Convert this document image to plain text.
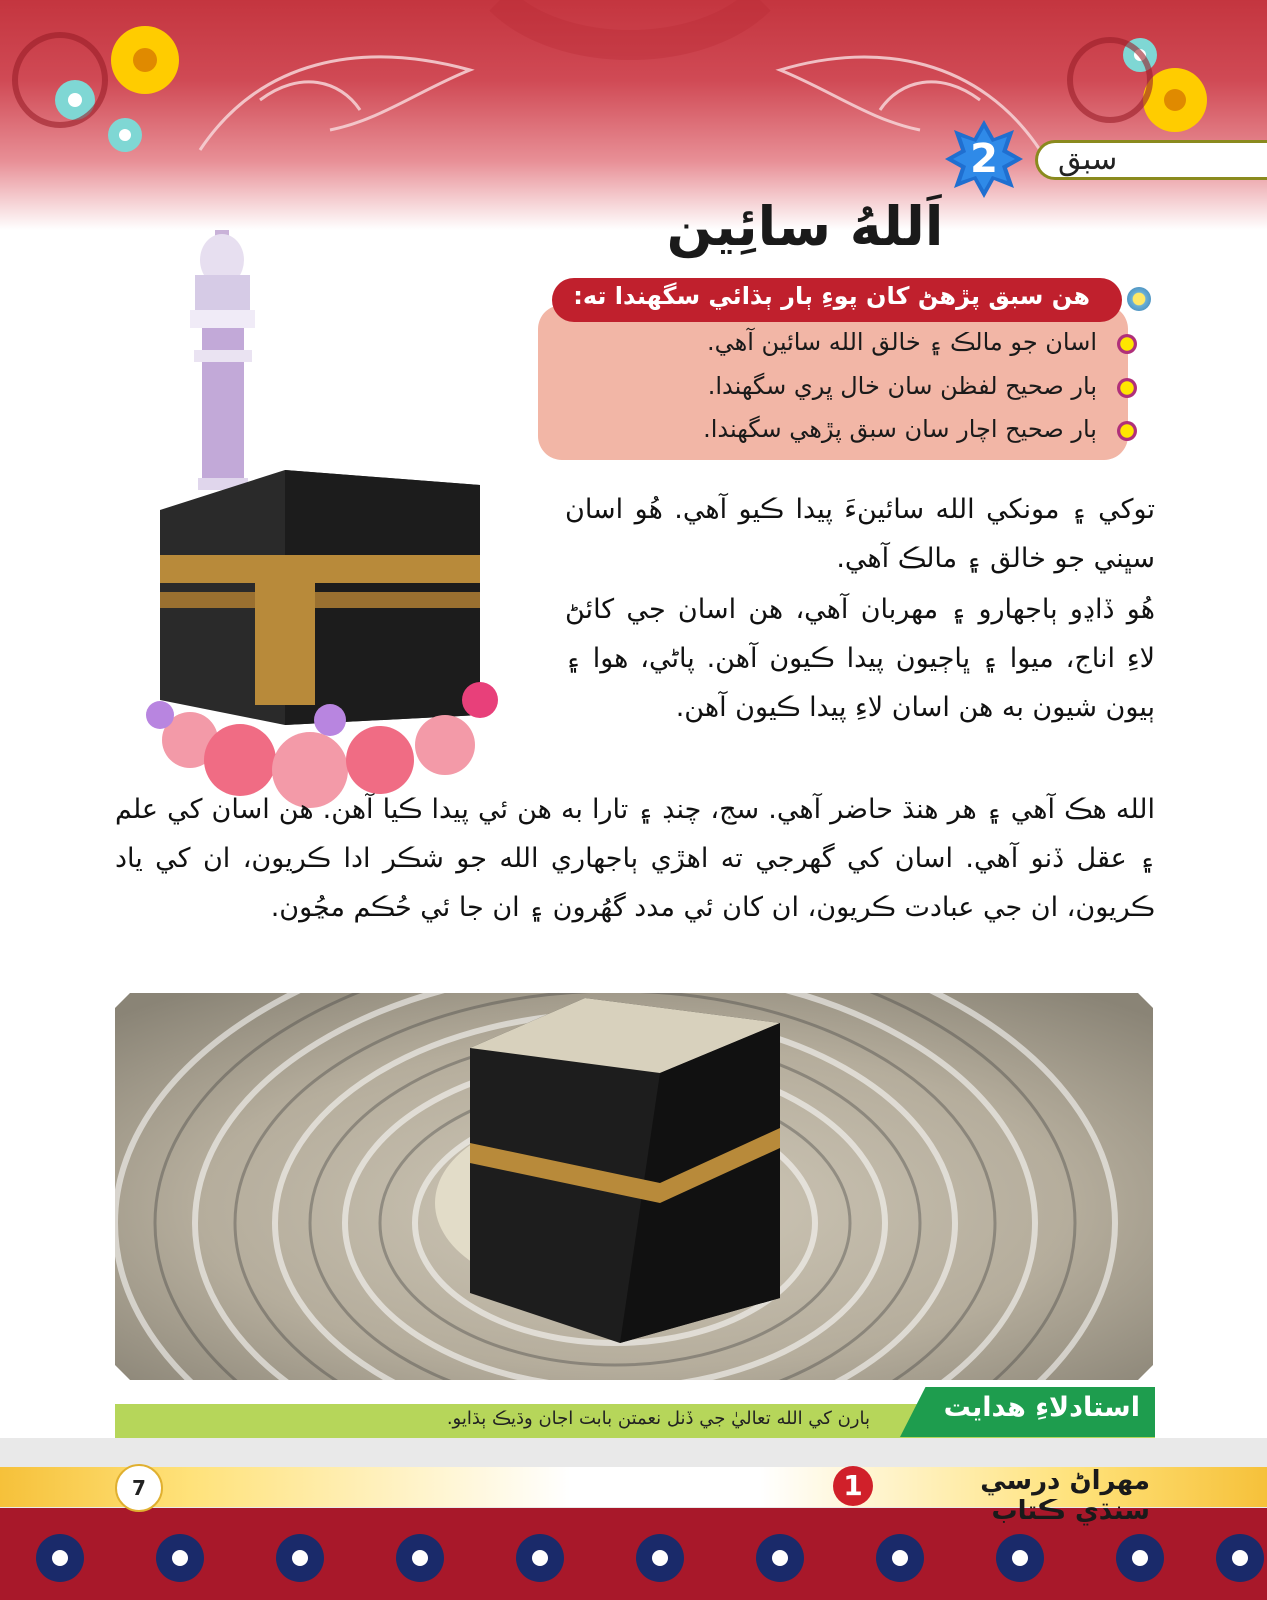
سبق
2
اَللهُ سائِين
هن سبق پڙهڻ کان پوءِ ٻار ٻڌائي سگهندا ته:
اسان جو مالڪ ۽ خالق الله سائين آهي.
ٻار صحيح لفظن سان خال ڀري سگهندا.
ٻار صحيح اچار سان سبق پڙهي سگهندا.
توکي ۽ مونکي الله سائينءَ پيدا ڪيو آهي. هُو اسان سڀني جو خالق ۽ مالڪ آهي.
هُو ڏاڍو ٻاجهارو ۽ مهربان آهي، هن اسان جي کائڻ لاءِ اناج، ميوا ۽ ڀاڄيون پيدا ڪيون آهن. پاڻي، هوا ۽ ٻيون شيون به هن اسان لاءِ پيدا ڪيون آهن.
الله هڪ آهي ۽ هر هنڌ حاضر آهي. سج، چنڊ ۽ تارا به هن ئي پيدا ڪيا آهن. هن اسان کي علم ۽ عقل ڏنو آهي. اسان کي گهرجي ته اهڙي ٻاجهاري الله جو شڪر ادا ڪريون، ان کي ياد ڪريون، ان جي عبادت ڪريون، ان کان ئي مدد گهُرون ۽ ان جا ئي حُڪم مڃُون.
استادلاءِ هدايت
ٻارن کي الله تعاليٰ جي ڏنل نعمتن بابت اجان وڌيڪ ٻڌايو.
7	مهراڻ درسي سنڌي ڪتاب
1
